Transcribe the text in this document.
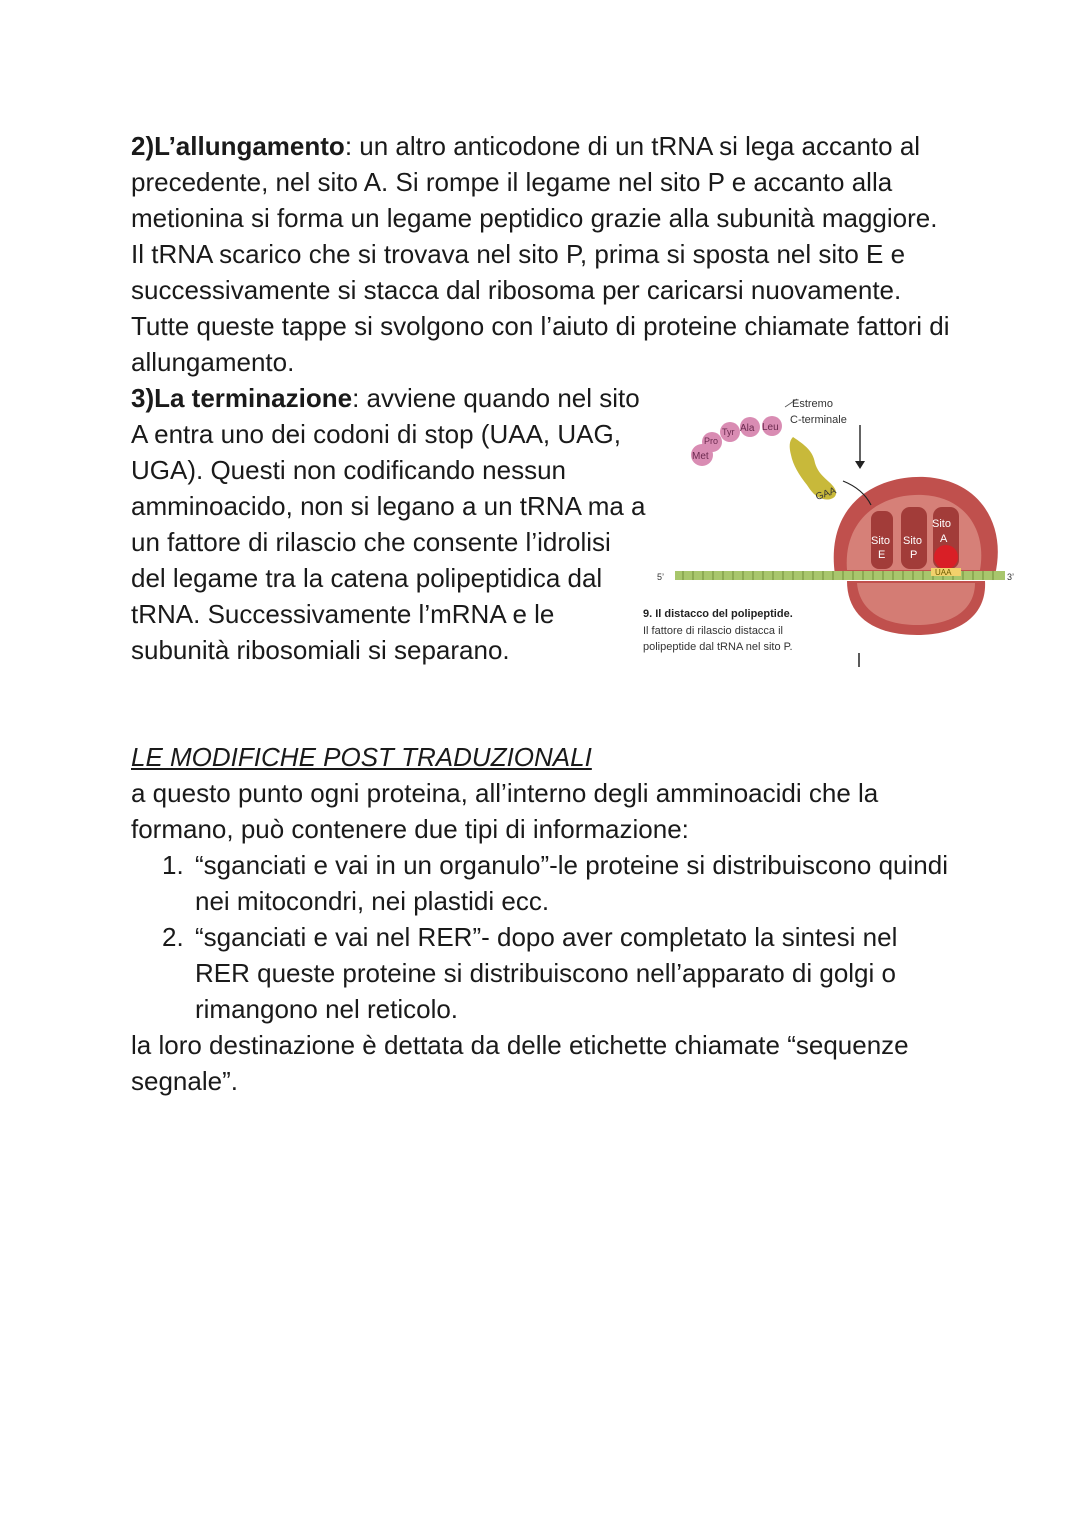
2)L’allungamento: un altro anticodone di un tRNA si lega accanto al precedente, nel sito A. Si rompe il legame nel sito P e accanto alla metionina si forma un legame peptidico grazie alla subunità maggiore. Il tRNA scarico che si trovava nel sito P, prima si sposta nel sito E e successivamente si stacca dal ribosoma per caricarsi nuovamente. Tutte queste tappe si svolgono con l’aiuto di proteine chiamate fattori di allungamento.

3)La terminazione: avviene quando nel sito A entra uno dei codoni di stop (UAA, UAG, UGA). Questi non codificando nessun amminoacido, non si legano a un tRNA ma a un fattore di rilascio che consente l’idrolisi del legame tra la catena polipeptidica dal tRNA. Successivamente l’mRNA e le subunità ribosomiali si separano.

5’	3’
Sito
E
Sito
P
Sito
A
UAA
GAA
Met
Pro
Tyr Ala Leu
Estremo
C-terminale
9. Il distacco del polipeptide.
Il fattore di rilascio distacca il
polipeptide dal tRNA nel sito P.

LE MODIFICHE POST TRADUZIONALI

a questo punto ogni proteina, all’interno degli amminoacidi che la formano, può contenere due tipi di informazione:

1. “sganciati e vai in un organulo”-le proteine si distribuiscono quindi nei mitocondri, nei plastidi ecc.
2. “sganciati e vai nel RER”- dopo aver completato la sintesi nel RER queste proteine si distribuiscono nell’apparato di golgi o rimangono nel reticolo.

la loro destinazione è dettata da delle etichette chiamate “sequenze segnale”.
